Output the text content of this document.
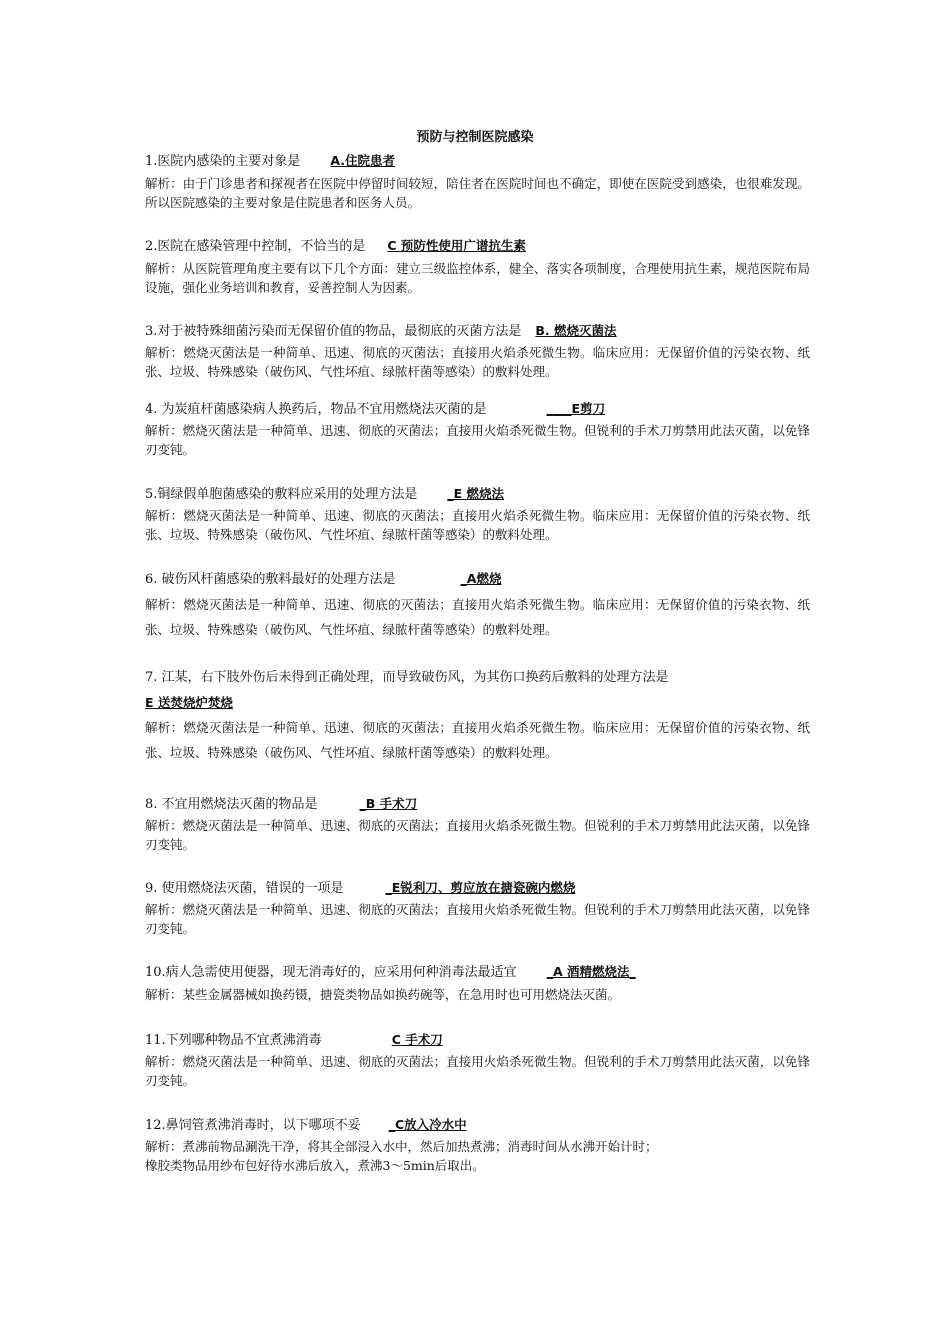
预防与控制医院感染
1.医院内感染的主要对象是 A.住院患者
解析：由于门诊患者和探视者在医院中停留时间较短，陪住者在医院时间也不确定，即使在医院受到感染，也很难发现。所以医院感染的主要对象是住院患者和医务人员。
2.医院在感染管理中控制，不恰当的是 C 预防性使用广谱抗生素
解析：从医院管理角度主要有以下几个方面：建立三级监控体系，健全、落实各项制度，合理使用抗生素，规范医院布局设施，强化业务培训和教育，妥善控制人为因素。
3.对于被特殊细菌污染而无保留价值的物品，最彻底的灭菌方法是 B. 燃烧灭菌法
解析：燃烧灭菌法是一种简单、迅速、彻底的灭菌法；直接用火焰杀死微生物。临床应用：无保留价值的污染衣物、纸张、垃圾、特殊感染（破伤风、气性坏疽、绿脓杆菌等感染）的敷料处理。
4. 为炭疽杆菌感染病人换药后，物品不宜用燃烧法灭菌的是	____E剪刀
解析：燃烧灭菌法是一种简单、迅速、彻底的灭菌法；直接用火焰杀死微生物。但锐利的手术刀剪禁用此法灭菌，以免锋刃变钝。
5.铜绿假单胞菌感染的敷料应采用的处理方法是 _E 燃烧法
解析：燃烧灭菌法是一种简单、迅速、彻底的灭菌法；直接用火焰杀死微生物。临床应用：无保留价值的污染衣物、纸张、垃圾、特殊感染（破伤风、气性坏疽、绿脓杆菌等感染）的敷料处理。
6. 破伤风杆菌感染的敷料最好的处理方法是	_A燃烧
解析：燃烧灭菌法是一种简单、迅速、彻底的灭菌法；直接用火焰杀死微生物。临床应用：无保留价值的污染衣物、纸张、垃圾、特殊感染（破伤风、气性坏疽、绿脓杆菌等感染）的敷料处理。
7. 江某，右下肢外伤后未得到正确处理，而导致破伤风，为其伤口换药后敷料的处理方法是
E 送焚烧炉焚烧
解析：燃烧灭菌法是一种简单、迅速、彻底的灭菌法；直接用火焰杀死微生物。临床应用：无保留价值的污染衣物、纸张、垃圾、特殊感染（破伤风、气性坏疽、绿脓杆菌等感染）的敷料处理。
8. 不宜用燃烧法灭菌的物品是	_B 手术刀
解析：燃烧灭菌法是一种简单、迅速、彻底的灭菌法；直接用火焰杀死微生物。但锐利的手术刀剪禁用此法灭菌，以免锋刃变钝。
9. 使用燃烧法灭菌，错误的一项是	_E锐利刀、剪应放在搪瓷碗内燃烧
解析：燃烧灭菌法是一种简单、迅速、彻底的灭菌法；直接用火焰杀死微生物。但锐利的手术刀剪禁用此法灭菌，以免锋刃变钝。
10.病人急需使用便器，现无消毒好的，应采用何种消毒法最适宜 _A 酒精燃烧法_
解析：某些金属器械如换药镊，搪瓷类物品如换药碗等，在急用时也可用燃烧法灭菌。
11.下列哪种物品不宜煮沸消毒	C 手术刀
解析：燃烧灭菌法是一种简单、迅速、彻底的灭菌法；直接用火焰杀死微生物。但锐利的手术刀剪禁用此法灭菌，以免锋刃变钝。
12.鼻饲管煮沸消毒时，以下哪项不妥 _C放入冷水中
解析：煮沸前物品涮洗干净，将其全部浸入水中，然后加热煮沸；消毒时间从水沸开始计时；
橡胶类物品用纱布包好待水沸后放入，煮沸3～5min后取出。
